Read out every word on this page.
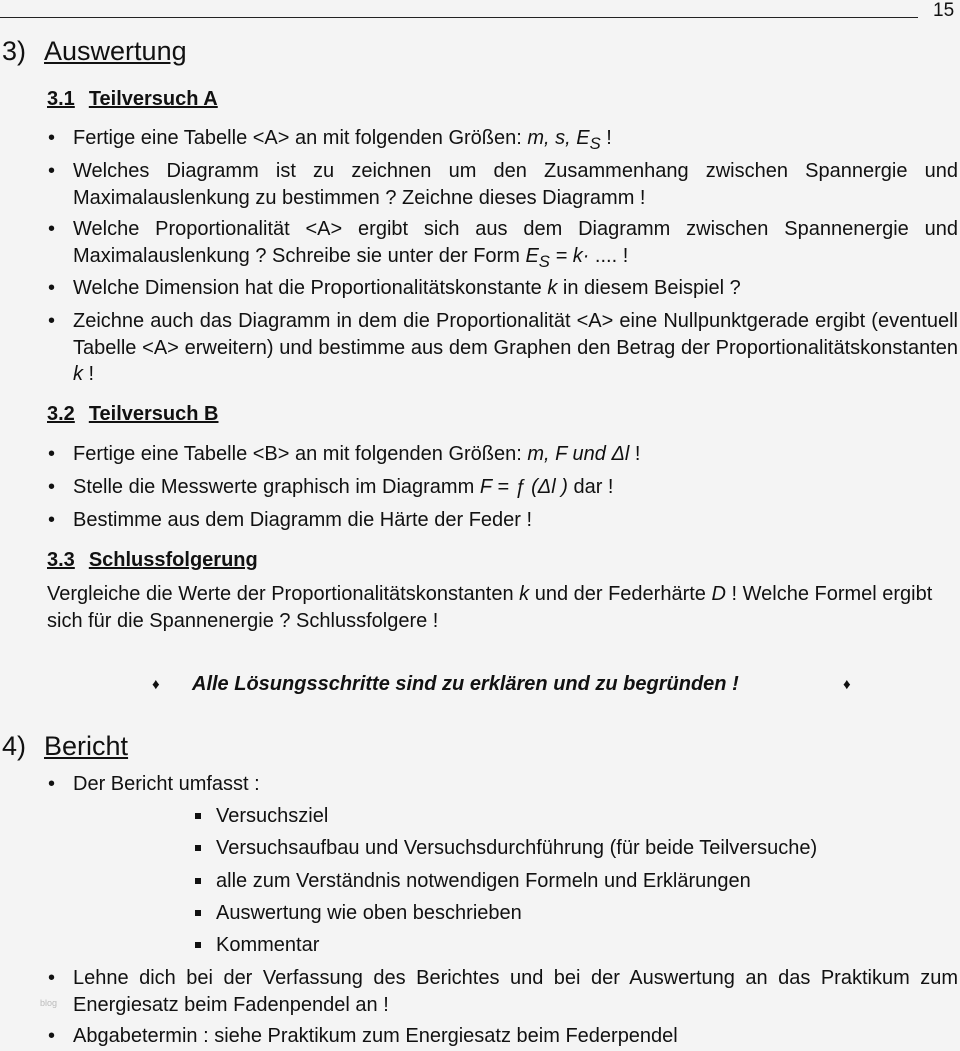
15
3) Auswertung
3.1 Teilversuch A
• Fertige eine Tabelle <A> an mit folgenden Größen: m, s, $E_S$ !
• Welches Diagramm ist zu zeichnen um den Zusammenhang zwischen Spannergie und Maximalauslenkung zu bestimmen ? Zeichne dieses Diagramm !
• Welche Proportionalität <A> ergibt sich aus dem Diagramm zwischen Spannenergie und Maximalauslenkung ? Schreibe sie unter der Form $E_S = k\cdot$ .... !
• Welche Dimension hat die Proportionalitätskonstante k in diesem Beispiel ?
• Zeichne auch das Diagramm in dem die Proportionalität <A> eine Nullpunktgerade ergibt (eventuell Tabelle <A> erweitern) und bestimme aus dem Graphen den Betrag der Proportionalitätskonstanten k !
3.2 Teilversuch B
• Fertige eine Tabelle <B> an mit folgenden Größen: m, F und Δl !
• Stelle die Messwerte graphisch im Diagramm F = ƒ (Δl ) dar !
• Bestimme aus dem Diagramm die Härte der Feder !
3.3 Schlussfolgerung
Vergleiche die Werte der Proportionalitätskonstanten k und der Federhärte D ! Welche Formel ergibt sich für die Spannenergie ? Schlussfolgere !
♦ Alle Lösungsschritte sind zu erklären und zu begründen !	♦
4) Bericht
• Der Bericht umfasst :
Versuchsziel
Versuchsaufbau und Versuchsdurchführung (für beide Teilversuche)
alle zum Verständnis notwendigen Formeln und Erklärungen
Auswertung wie oben beschrieben
Kommentar
• Lehne dich bei der Verfassung des Berichtes und bei der Auswertung an das Praktikum zum Energiesatz beim Fadenpendel an !
• Abgabetermin : siehe Praktikum zum Energiesatz beim Federpendel
blog
